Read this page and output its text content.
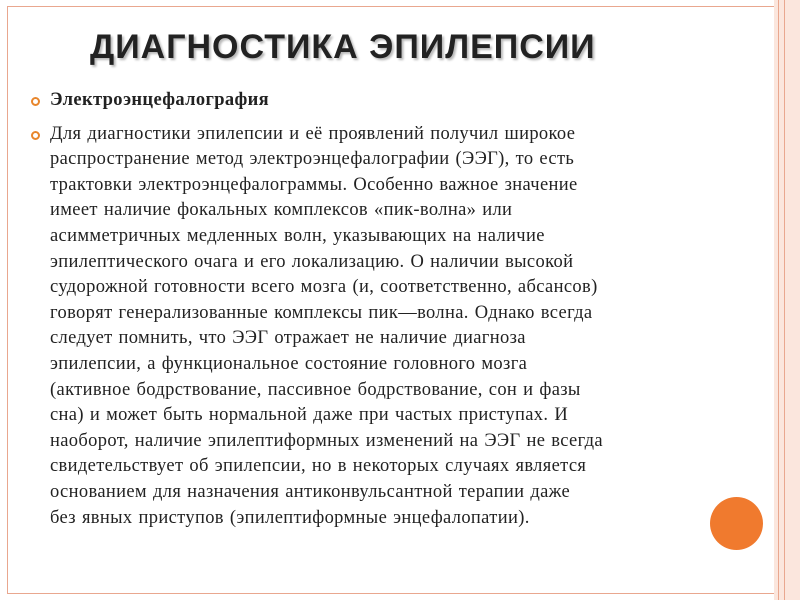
ДИАГНОСТИКА ЭПИЛЕПСИИ
Электроэнцефалография
Для диагностики эпилепсии и её проявлений получил широкое
распространение метод электроэнцефалографии (ЭЭГ), то есть
трактовки электроэнцефалограммы. Особенно важное значение
имеет наличие фокальных комплексов «пик-волна» или
асимметричных медленных волн, указывающих на наличие
эпилептического очага и его локализацию. О наличии высокой
судорожной готовности всего мозга (и, соответственно, абсансов)
говорят генерализованные комплексы пик—волна. Однако всегда
следует помнить, что ЭЭГ отражает не наличие диагноза
эпилепсии, а функциональное состояние головного мозга
(активное бодрствование, пассивное бодрствование, сон и фазы
сна) и может быть нормальной даже при частых приступах. И
наоборот, наличие эпилептиформных изменений на ЭЭГ не всегда
свидетельствует об эпилепсии, но в некоторых случаях является
основанием для назначения антиконвульсантной терапии даже
без явных приступов (эпилептиформные энцефалопатии).
